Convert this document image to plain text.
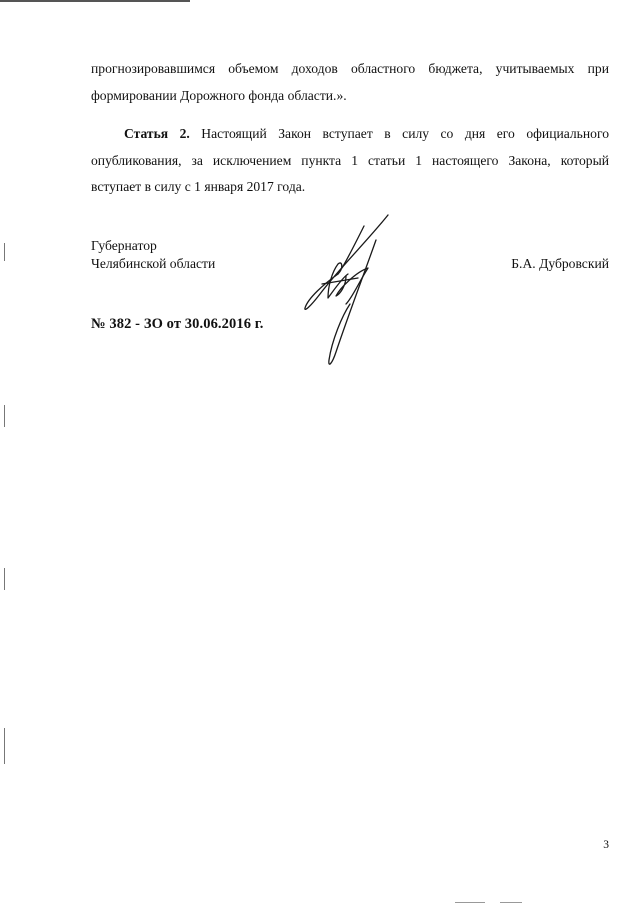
прогнозировавшимся объемом доходов областного бюджета, учитываемых при
формировании Дорожного фонда области.».
Статья 2. Настоящий Закон вступает в силу со дня его официального
опубликования, за исключением пункта 1 статьи 1 настоящего Закона, который
вступает в силу с 1 января 2017 года.
Губернатор
Челябинской области	Б.А. Дубровский
№ 382 - ЗО от 30.06.2016 г.
3
